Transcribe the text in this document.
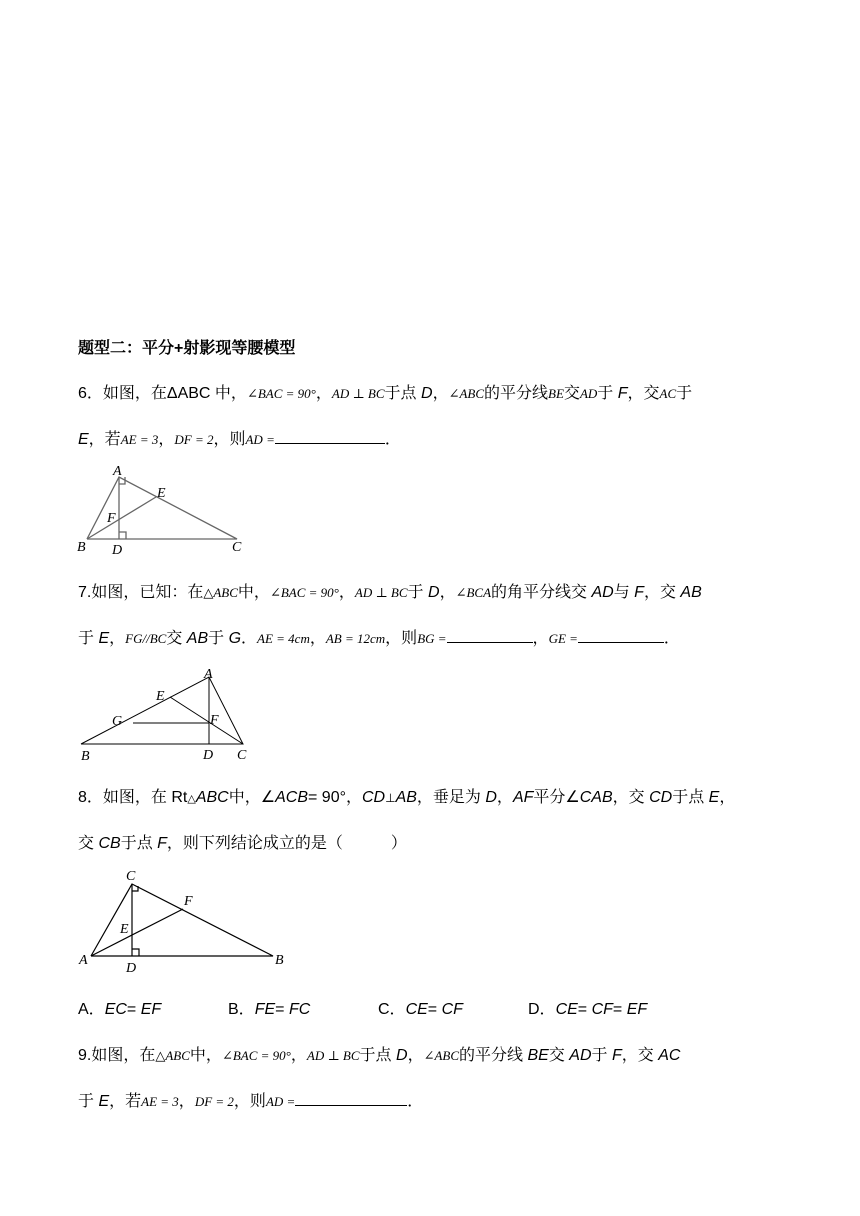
题型二：平分+射影现等腰模型
6．如图，在ΔABC 中，∠BAC = 90°，AD ⊥ BC于点 D，∠ABC的平分线BE交AD于 F，交AC于
E，若AE = 3，DF = 2，则AD =	．
A
E
F
B D	C
7.如图，已知：在△ABC中，∠BAC = 90°，AD ⊥ BC于 D，∠BCA的角平分线交 AD与 F，交 AB
于 E，FG//BC交 AB于 G．AE = 4cm，AB = 12cm，则BG =	，GE =	．
A
E
G	F
B	D C
8．如图，在 Rt△ABC中，∠ACB= 90°，CD⊥AB，垂足为 D，AF平分∠CAB，交 CD于点 E，
交 CB于点 F，则下列结论成立的是（　　　）
C
F
E
A
D
B
A．EC= EF	B．FE= FC	C．CE= CF	D．CE= CF= EF
9.如图，在△ABC中，∠BAC = 90°，AD ⊥ BC于点 D，∠ABC的平分线 BE交 AD于 F，交 AC
于 E，若AE = 3，DF = 2，则AD =	．
